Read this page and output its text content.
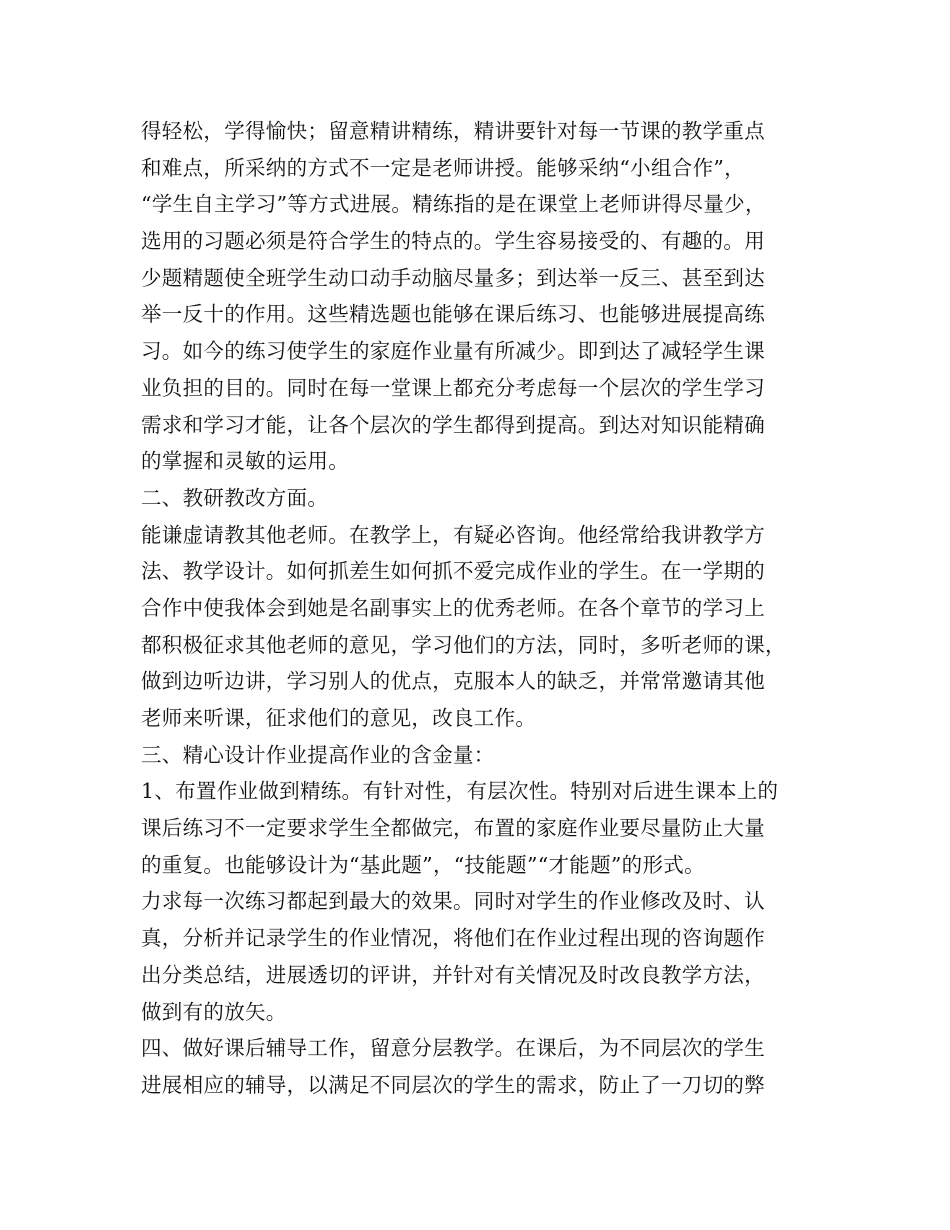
得轻松，学得愉快；留意精讲精练，精讲要针对每一节课的教学重点
和难点，所采纳的方式不一定是老师讲授。能够采纳“小组合作”，
“学生自主学习”等方式进展。精练指的是在课堂上老师讲得尽量少，
选用的习题必须是符合学生的特点的。学生容易接受的、有趣的。用
少题精题使全班学生动口动手动脑尽量多；到达举一反三、甚至到达
举一反十的作用。这些精选题也能够在课后练习、也能够进展提高练
习。如今的练习使学生的家庭作业量有所减少。即到达了减轻学生课
业负担的目的。同时在每一堂课上都充分考虑每一个层次的学生学习
需求和学习才能，让各个层次的学生都得到提高。到达对知识能精确
的掌握和灵敏的运用。
二、教研教改方面。
能谦虚请教其他老师。在教学上，有疑必咨询。他经常给我讲教学方
法、教学设计。如何抓差生如何抓不爱完成作业的学生。在一学期的
合作中使我体会到她是名副事实上的优秀老师。在各个章节的学习上
都积极征求其他老师的意见，学习他们的方法，同时，多听老师的课，
做到边听边讲，学习别人的优点，克服本人的缺乏，并常常邀请其他
老师来听课，征求他们的意见，改良工作。
三、精心设计作业提高作业的含金量：
1、布置作业做到精练。有针对性，有层次性。特别对后进生课本上的
课后练习不一定要求学生全都做完，布置的家庭作业要尽量防止大量
的重复。也能够设计为“基此题”，“技能题”“才能题”的形式。
力求每一次练习都起到最大的效果。同时对学生的作业修改及时、认
真，分析并记录学生的作业情况，将他们在作业过程出现的咨询题作
出分类总结，进展透切的评讲，并针对有关情况及时改良教学方法，
做到有的放矢。
四、做好课后辅导工作，留意分层教学。在课后，为不同层次的学生
进展相应的辅导，以满足不同层次的学生的需求，防止了一刀切的弊
